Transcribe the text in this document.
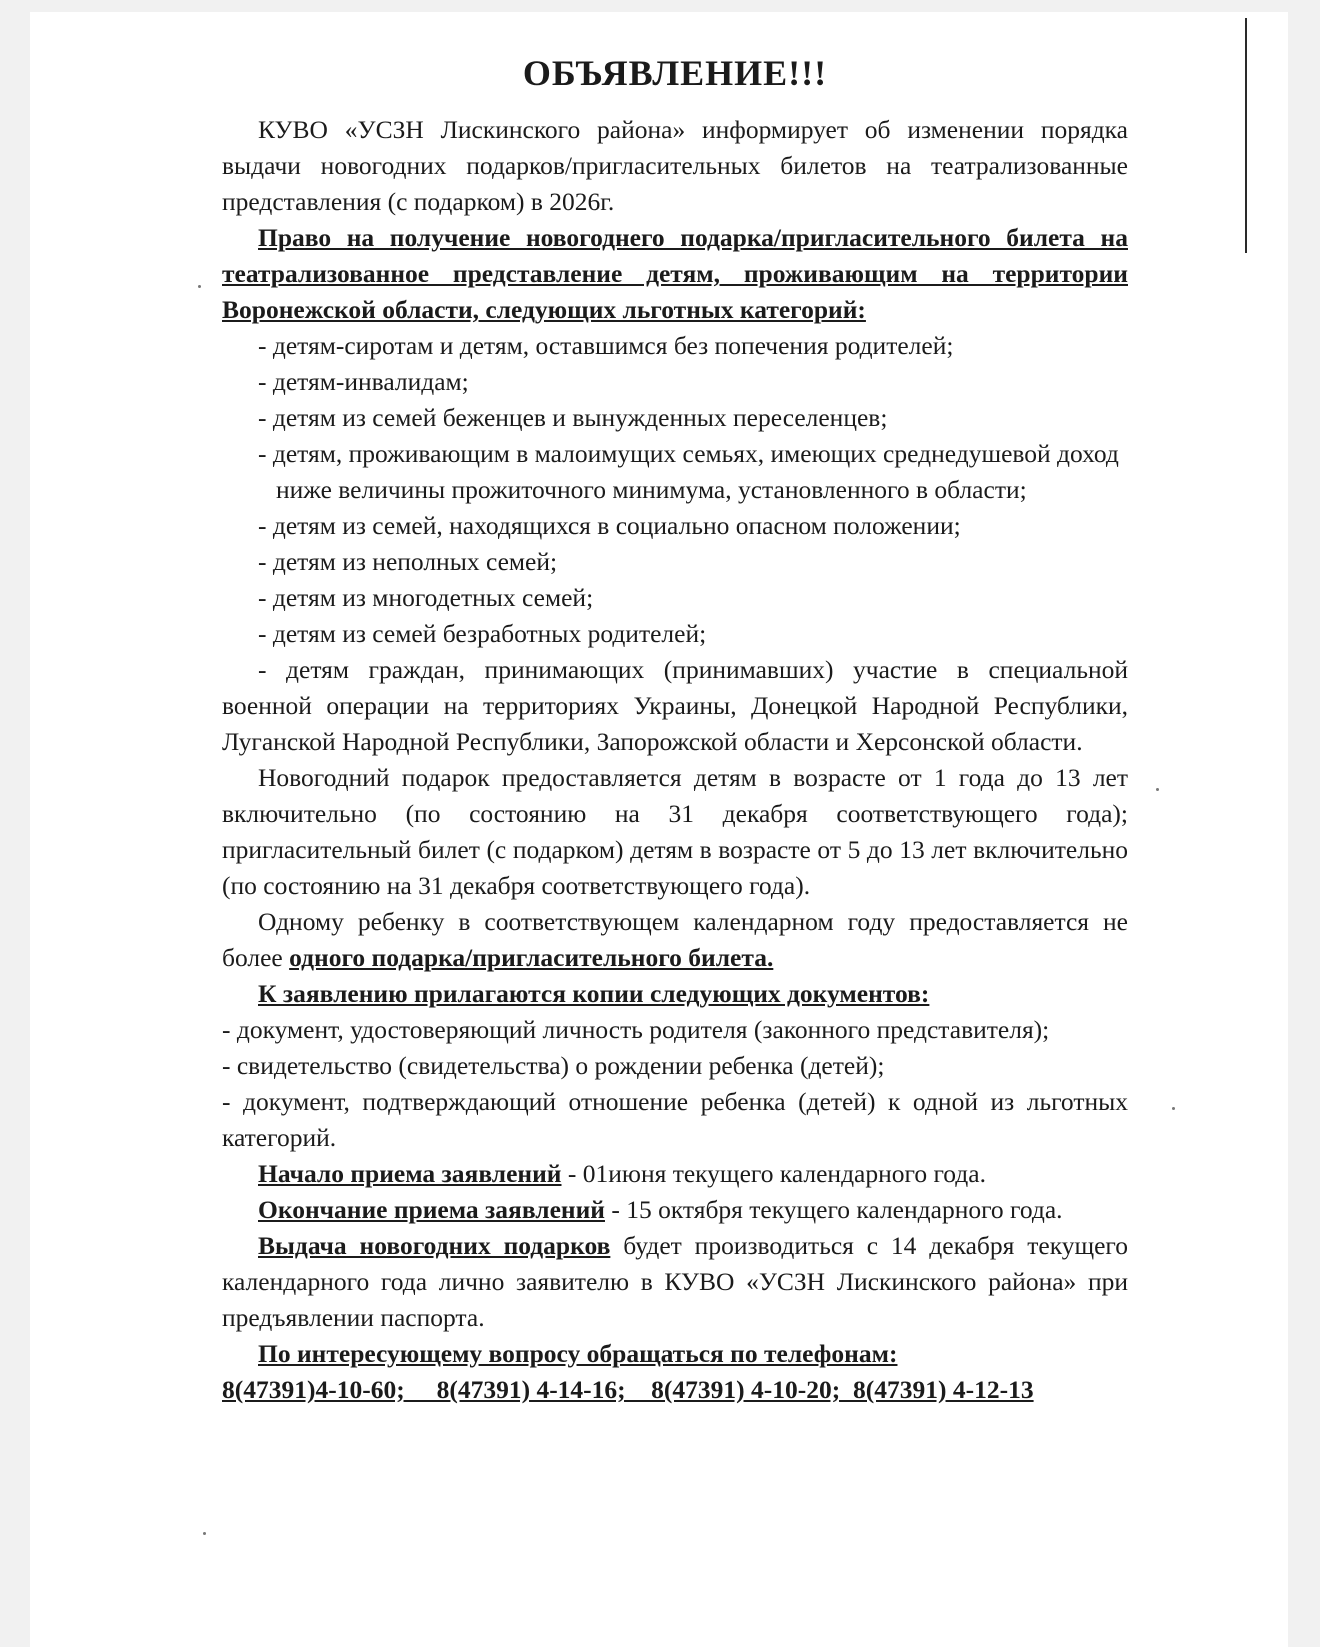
ОБЪЯВЛЕНИЕ!!!

КУВО «УСЗН Лискинского района» информирует об изменении порядка выдачи новогодних подарков/пригласительных билетов на театрализованные представления (с подарком) в 2026г.

Право на получение новогоднего подарка/пригласительного билета на театрализованное представление детям, проживающим на территории Воронежской области, следующих льготных категорий:

- детям-сиротам и детям, оставшимся без попечения родителей;

- детям-инвалидам;

- детям из семей беженцев и вынужденных переселенцев;

- детям, проживающим в малоимущих семьях, имеющих среднедушевой доход ниже величины прожиточного минимума, установленного в области;

- детям из семей, находящихся в социально опасном положении;

- детям из неполных семей;

- детям из многодетных семей;

- детям из семей безработных родителей;

- детям граждан, принимающих (принимавших) участие в специальной военной операции на территориях Украины, Донецкой Народной Республики, Луганской Народной Республики, Запорожской области и Херсонской области.

Новогодний подарок предоставляется детям в возрасте от 1 года до 13 лет включительно (по состоянию на 31 декабря соответствующего года); пригласительный билет (с подарком) детям в возрасте от 5 до 13 лет включительно (по состоянию на 31 декабря соответствующего года).

Одному ребенку в соответствующем календарном году предоставляется не более одного подарка/пригласительного билета.

К заявлению прилагаются копии следующих документов:

- документ, удостоверяющий личность родителя (законного представителя);

- свидетельство (свидетельства) о рождении ребенка (детей);

- документ, подтверждающий отношение ребенка (детей) к одной из льготных категорий.

Начало приема заявлений - 01июня текущего календарного года.

Окончание приема заявлений - 15 октября текущего календарного года.

Выдача новогодних подарков будет производиться с 14 декабря текущего календарного года лично заявителю в КУВО «УСЗН Лискинского района» при предъявлении паспорта.

По интересующему вопросу обращаться по телефонам:

8(47391)4-10-60;     8(47391) 4-14-16;    8(47391) 4-10-20;  8(47391) 4-12-13
